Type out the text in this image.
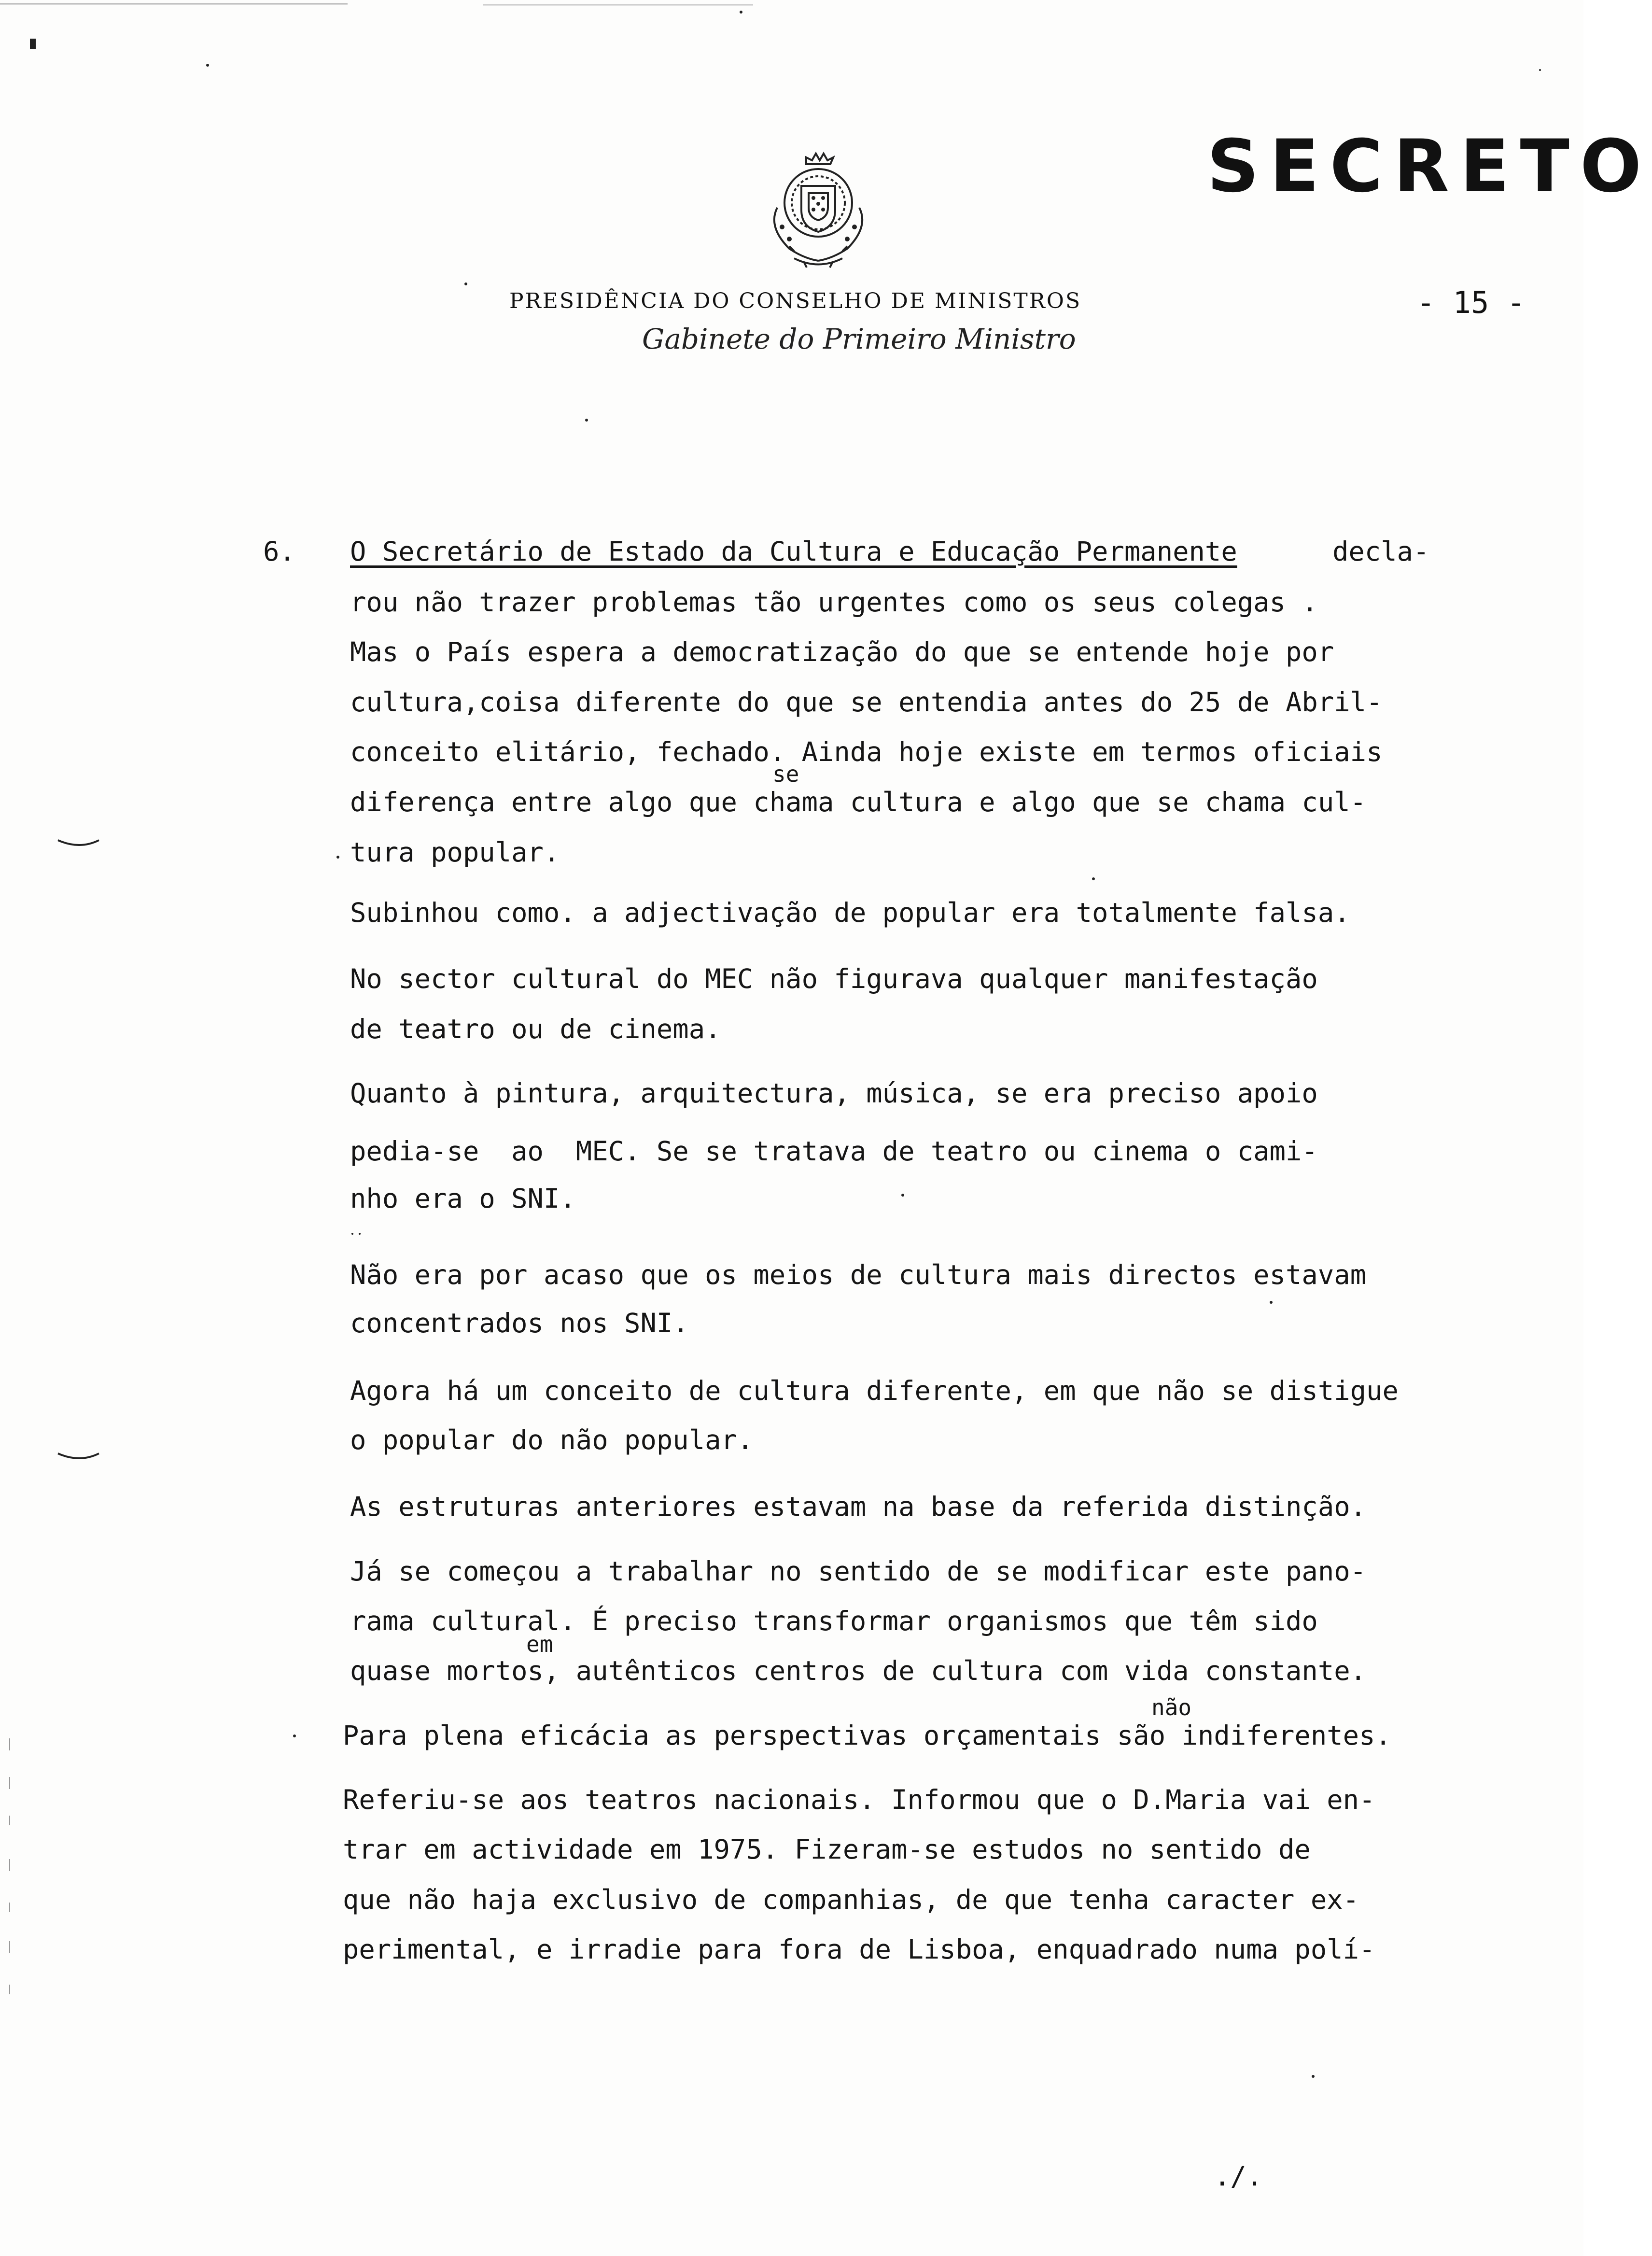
SECRETO
PRESIDÊNCIA DO CONSELHO DE MINISTROS
Gabinete do Primeiro Ministro
- 15 -
6. O Secretário de Estado da Cultura e Educação Permanente	decla-
rou não trazer problemas tão urgentes como os seus colegas .
Mas o País espera a democratização do que se entende hoje por
cultura,coisa diferente do que se entendia antes do 25 de Abril-
conceito elitário, fechado. Ainda hoje existe em termos oficiais
se
diferença entre algo que chama cultura e algo que se chama cul-
tura popular.
Subinhou como. a adjectivação de popular era totalmente falsa.
No sector cultural do MEC não figurava qualquer manifestação
de teatro ou de cinema.
Quanto à pintura, arquitectura, música, se era preciso apoio
pedia-se  ao  MEC. Se se tratava de teatro ou cinema o cami-
nho era o SNI.
Não era por acaso que os meios de cultura mais directos estavam
concentrados nos SNI.
Agora há um conceito de cultura diferente, em que não se distigue
o popular do não popular.
As estruturas anteriores estavam na base da referida distinção.
Já se começou a trabalhar no sentido de se modificar este pano-
rama cultural. É preciso transformar organismos que têm sido
em
quase mortos, autênticos centros de cultura com vida constante.
não
Para plena eficácia as perspectivas orçamentais são indiferentes.
Referiu-se aos teatros nacionais. Informou que o D.Maria vai en-
trar em actividade em 1975. Fizeram-se estudos no sentido de
que não haja exclusivo de companhias, de que tenha caracter ex-
perimental, e irradie para fora de Lisboa, enquadrado numa polí-
./.
